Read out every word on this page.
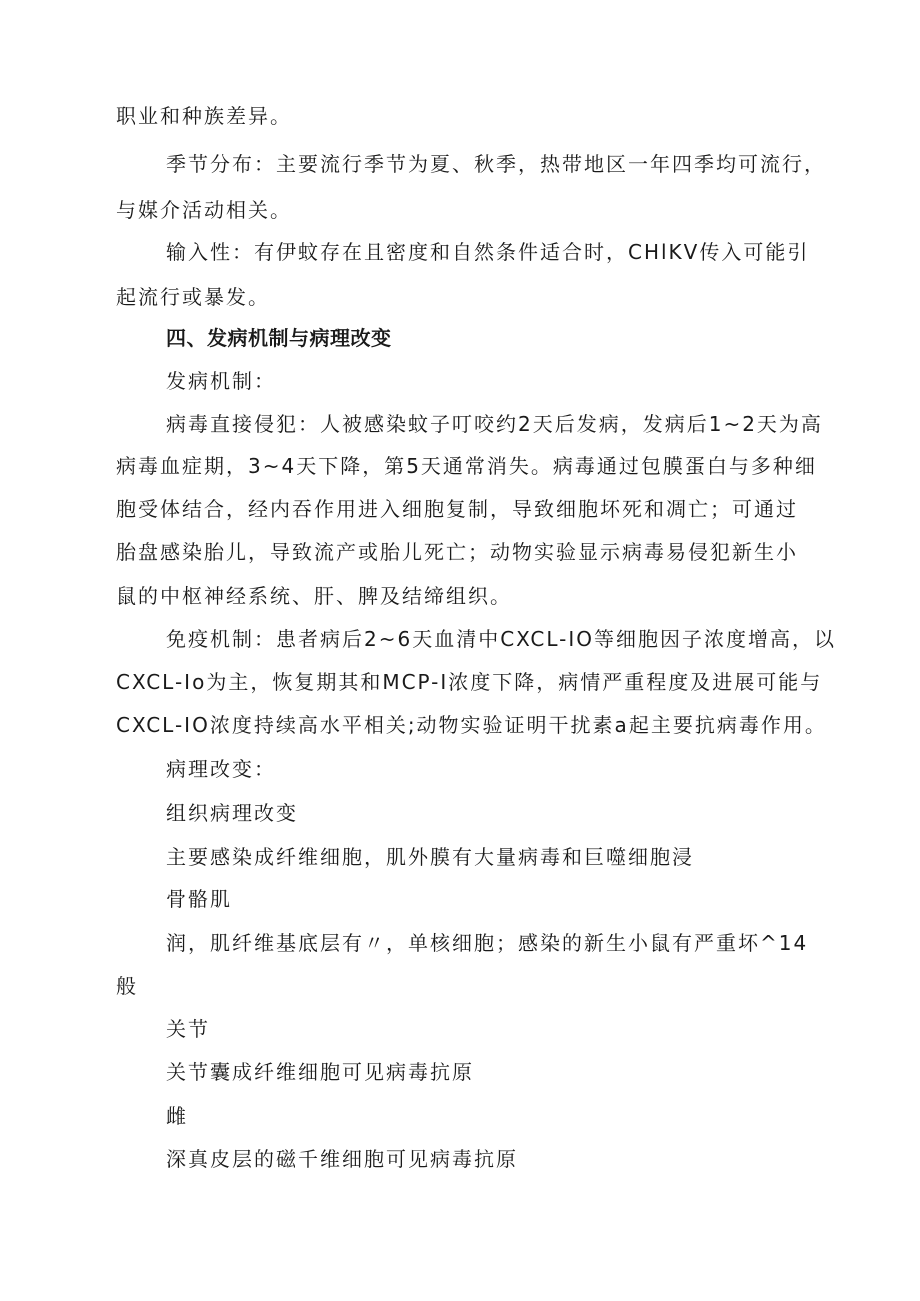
职业和种族差异。
季节分布：主要流行季节为夏、秋季，热带地区一年四季均可流行，
与媒介活动相关。
输入性：有伊蚊存在且密度和自然条件适合时，CHlKV传入可能引
起流行或暴发。
四、发病机制与病理改变
发病机制：
病毒直接侵犯：人被感染蚊子叮咬约2天后发病，发病后1~2天为高
病毒血症期，3~4天下降，第5天通常消失。病毒通过包膜蛋白与多种细
胞受体结合，经内吞作用进入细胞复制，导致细胞坏死和凋亡；可通过
胎盘感染胎儿，导致流产或胎儿死亡；动物实验显示病毒易侵犯新生小
鼠的中枢神经系统、肝、脾及结缔组织。
免疫机制：患者病后2~6天血清中CXCL-IO等细胞因子浓度增高，以
CXCL-Io为主，恢复期其和MCP-I浓度下降，病情严重程度及进展可能与
CXCL-IO浓度持续高水平相关;动物实验证明干扰素a起主要抗病毒作用。
病理改变：
组织病理改变
主要感染成纤维细胞，肌外膜有大量病毒和巨噬细胞浸
骨骼肌
润，肌纤维基底层有〃，单核细胞；感染的新生小鼠有严重坏^14
般
关节
关节囊成纤维细胞可见病毒抗原
雌
深真皮层的磁千维细胞可见病毒抗原
